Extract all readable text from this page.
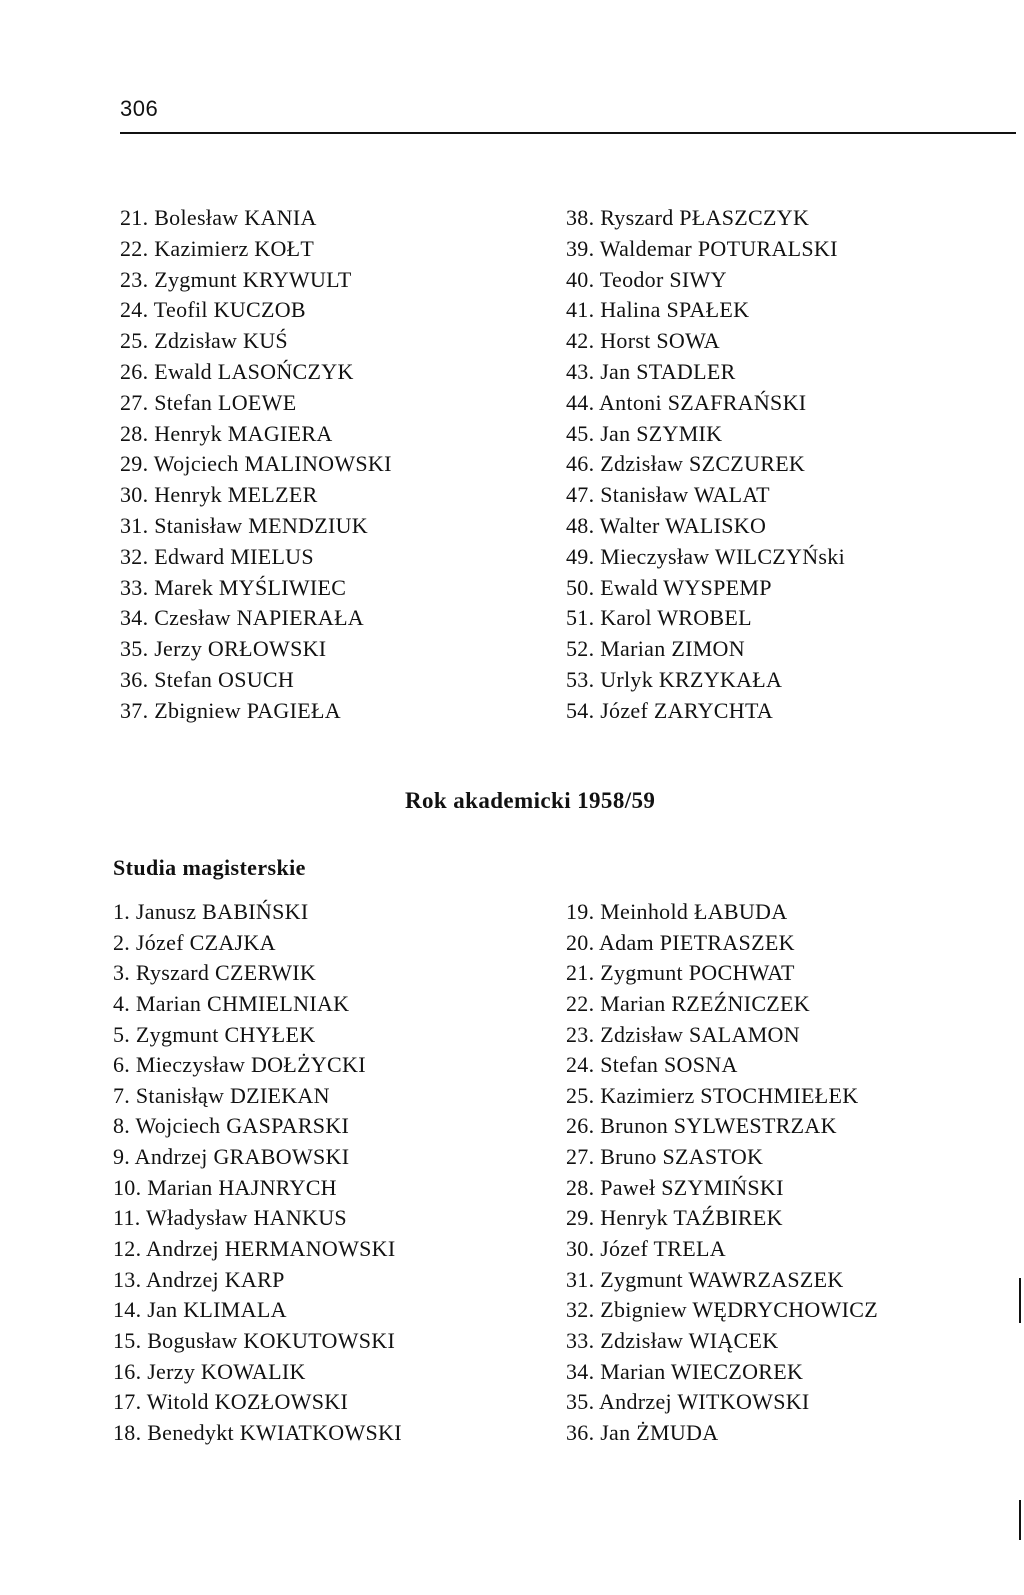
306
21. Bolesław KANIA
22. Kazimierz KOŁT
23. Zygmunt KRYWULT
24. Teofil KUCZOB
25. Zdzisław KUŚ
26. Ewald LASOŃCZYK
27. Stefan LOEWE
28. Henryk MAGIERA
29. Wojciech MALINOWSKI
30. Henryk MELZER
31. Stanisław MENDZIUK
32. Edward MIELUS
33. Marek MYŚLIWIEC
34. Czesław NAPIERAŁA
35. Jerzy ORŁOWSKI
36. Stefan OSUCH
37. Zbigniew PAGIEŁA
38. Ryszard PŁASZCZYK
39. Waldemar POTURALSKI
40. Teodor SIWY
41. Halina SPAŁEK
42. Horst SOWA
43. Jan STADLER
44. Antoni SZAFRAŃSKI
45. Jan SZYMIK
46. Zdzisław SZCZUREK
47. Stanisław WALAT
48. Walter WALISKO
49. Mieczysław WILCZYŃski
50. Ewald WYSPEMP
51. Karol WROBEL
52. Marian ZIMON
53. Urlyk KRZYKAŁA
54. Józef ZARYCHTA
Rok akademicki 1958/59
Studia magisterskie
1. Janusz BABIŃSKI
2. Józef CZAJKA
3. Ryszard CZERWIK
4. Marian CHMIELNIAK
5. Zygmunt CHYŁEK
6. Mieczysław DOŁŻYCKI
7. Stanisłąw DZIEKAN
8. Wojciech GASPARSKI
9. Andrzej GRABOWSKI
10. Marian HAJNRYCH
11. Władysław HANKUS
12. Andrzej HERMANOWSKI
13. Andrzej KARP
14. Jan KLIMALA
15. Bogusław KOKUTOWSKI
16. Jerzy KOWALIK
17. Witold KOZŁOWSKI
18. Benedykt KWIATKOWSKI
19. Meinhold ŁABUDA
20. Adam PIETRASZEK
21. Zygmunt POCHWAT
22. Marian RZEŹNICZEK
23. Zdzisław SALAMON
24. Stefan SOSNA
25. Kazimierz STOCHMIEŁEK
26. Brunon SYLWESTRZAK
27. Bruno SZASTOK
28. Paweł SZYMIŃSKI
29. Henryk TAŹBIREK
30. Józef TRELA
31. Zygmunt WAWRZASZEK
32. Zbigniew WĘDRYCHOWICZ
33. Zdzisław WIĄCEK
34. Marian WIECZOREK
35. Andrzej WITKOWSKI
36. Jan ŻMUDA
